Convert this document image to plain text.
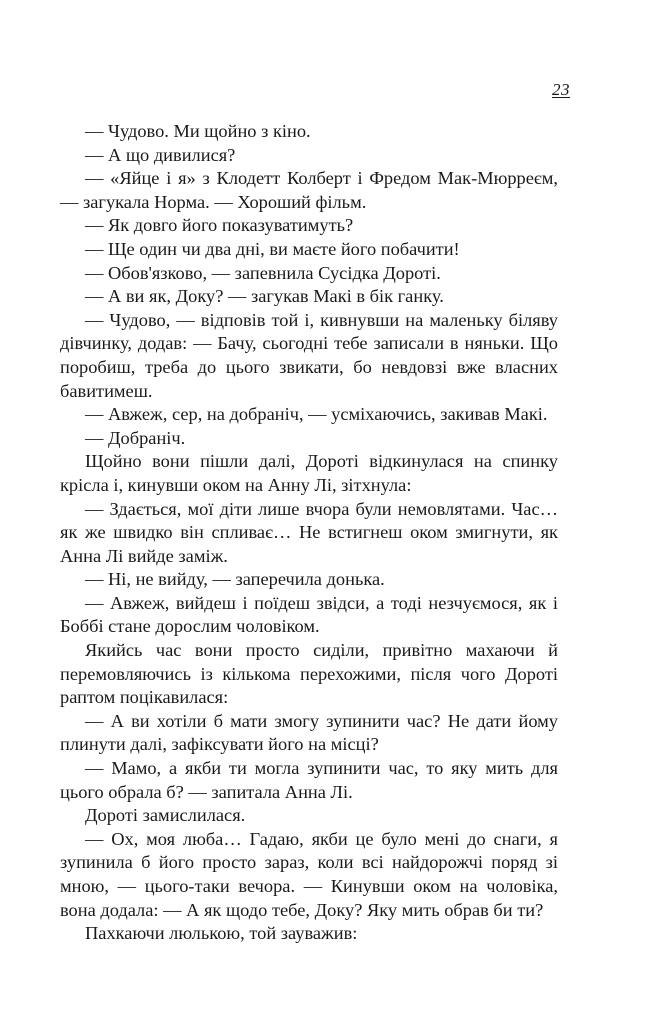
23

— Чудово. Ми щойно з кіно.

— А що дивилися?

— «Яйце і я» з Клодетт Колберт і Фредом Мак-Мюрреєм, — загукала Норма. — Хороший фільм.

— Як довго його показуватимуть?

— Ще один чи два дні, ви маєте його побачити!

— Обов'язково, — запевнила Сусідка Дороті.

— А ви як, Доку? — загукав Макі в бік ганку.

— Чудово, — відповів той і, кивнувши на маленьку біляву дівчинку, додав: — Бачу, сьогодні тебе записали в няньки. Що поробиш, треба до цього звикати, бо невдовзі вже власних бавитимеш.

— Авжеж, сер, на добраніч, — усміхаючись, закивав Макі.

— Добраніч.

Щойно вони пішли далі, Дороті відкинулася на спинку крісла і, кинувши оком на Анну Лі, зітхнула:

— Здається, мої діти лише вчора були немовлятами. Час… як же швидко він спливає… Не встигнеш оком змигнути, як Анна Лі вийде заміж.

— Ні, не вийду, — заперечила донька.

— Авжеж, вийдеш і поїдеш звідси, а тоді незчуємося, як і Боббі стане дорослим чоловіком.

Якийсь час вони просто сиділи, привітно махаючи й перемовляючись із кількома перехожими, після чого Дороті раптом поцікавилася:

— А ви хотіли б мати змогу зупинити час? Не дати йому плинути далі, зафіксувати його на місці?

— Мамо, а якби ти могла зупинити час, то яку мить для цього обрала б? — запитала Анна Лі.

Дороті замислилася.

— Ох, моя люба… Гадаю, якби це було мені до снаги, я зупинила б його просто зараз, коли всі найдорожчі поряд зі мною, — цього-таки вечора. — Кинувши оком на чоловіка, вона додала: — А як щодо тебе, Доку? Яку мить обрав би ти?

Пахкаючи люлькою, той зауважив:
